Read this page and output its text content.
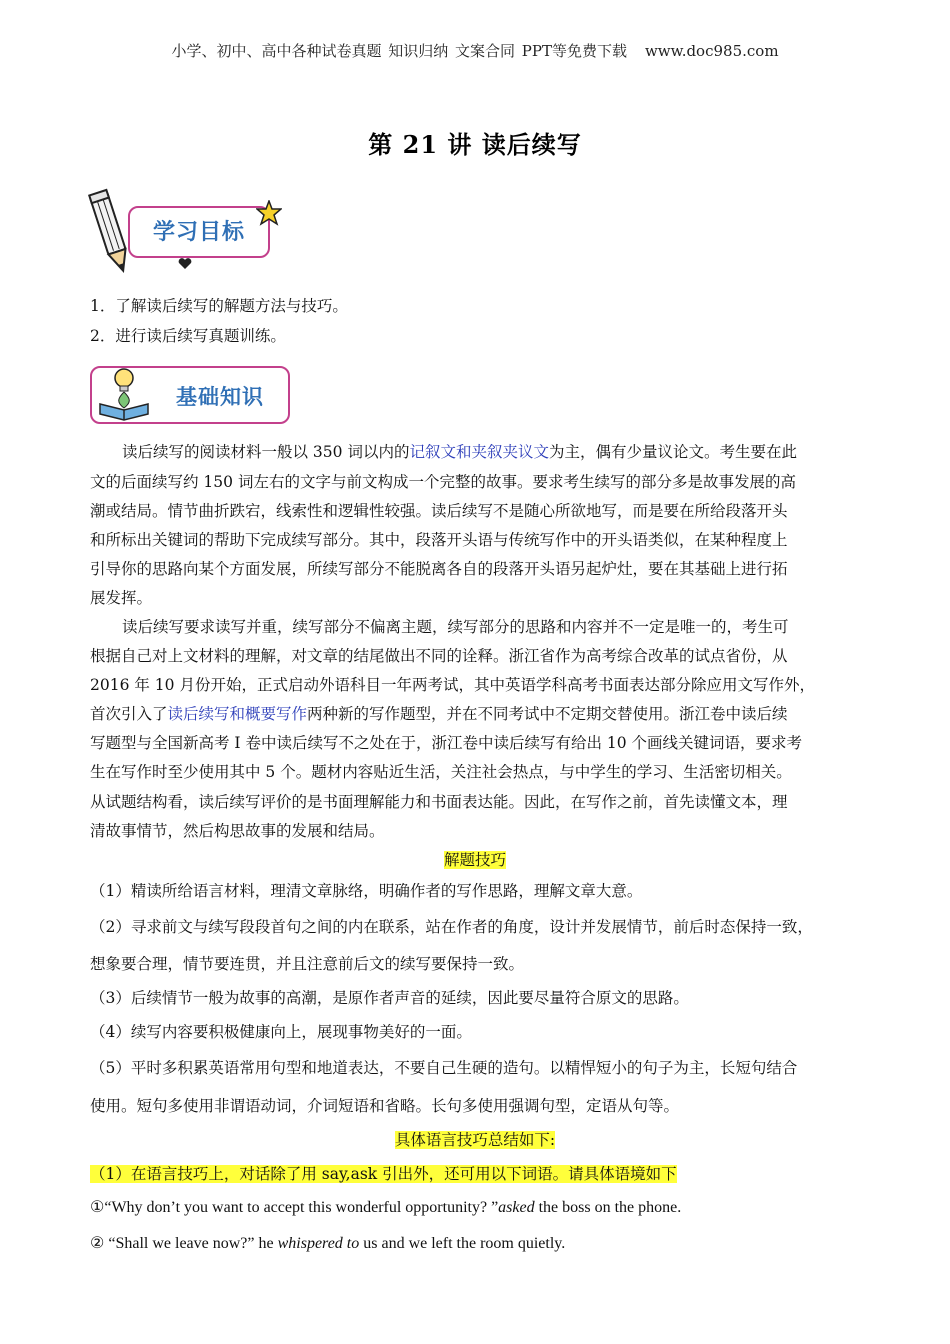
小学、初中、高中各种试卷真题 知识归纳 文案合同 PPT等免费下载 www.doc985.com
第 21 讲 读后续写
学习目标
1．了解读后续写的解题方法与技巧。
2．进行读后续写真题训练。
基础知识
读后续写的阅读材料一般以 350 词以内的记叙文和夹叙夹议文为主，偶有少量议论文。考生要在此
文的后面续写约 150 词左右的文字与前文构成一个完整的故事。要求考生续写的部分多是故事发展的高
潮或结局。情节曲折跌宕，线索性和逻辑性较强。读后续写不是随心所欲地写，而是要在所给段落开头
和所标出关键词的帮助下完成续写部分。其中，段落开头语与传统写作中的开头语类似，在某种程度上
引导你的思路向某个方面发展，所续写部分不能脱离各自的段落开头语另起炉灶，要在其基础上进行拓
展发挥。
读后续写要求读写并重，续写部分不偏离主题，续写部分的思路和内容并不一定是唯一的，考生可
根据自己对上文材料的理解，对文章的结尾做出不同的诠释。浙江省作为高考综合改革的试点省份，从
2016 年 10 月份开始，正式启动外语科目一年两考试，其中英语学科高考书面表达部分除应用文写作外，
首次引入了读后续写和概要写作两种新的写作题型，并在不同考试中不定期交替使用。浙江卷中读后续
写题型与全国新高考 I 卷中读后续写不之处在于，浙江卷中读后续写有给出 10 个画线关键词语，要求考
生在写作时至少使用其中 5 个。题材内容贴近生活，关注社会热点，与中学生的学习、生活密切相关。
从试题结构看，读后续写评价的是书面理解能力和书面表达能。因此，在写作之前，首先读懂文本，理
清故事情节，然后构思故事的发展和结局。
解题技巧
（1）精读所给语言材料，理清文章脉络，明确作者的写作思路，理解文章大意。
（2）寻求前文与续写段段首句之间的内在联系，站在作者的角度，设计并发展情节，前后时态保持一致，
想象要合理，情节要连贯，并且注意前后文的续写要保持一致。
（3）后续情节一般为故事的高潮，是原作者声音的延续，因此要尽量符合原文的思路。
（4）续写内容要积极健康向上，展现事物美好的一面。
（5）平时多积累英语常用句型和地道表达，不要自己生硬的造句。以精悍短小的句子为主，长短句结合
使用。短句多使用非谓语动词，介词短语和省略。长句多使用强调句型，定语从句等。
具体语言技巧总结如下:
（1）在语言技巧上，对话除了用 say,ask 引出外，还可用以下词语。请具体语境如下
①“Why don’t you want to accept this wonderful opportunity? ”asked the boss on the phone.
② “Shall we leave now?” he whispered to us and we left the room quietly.
